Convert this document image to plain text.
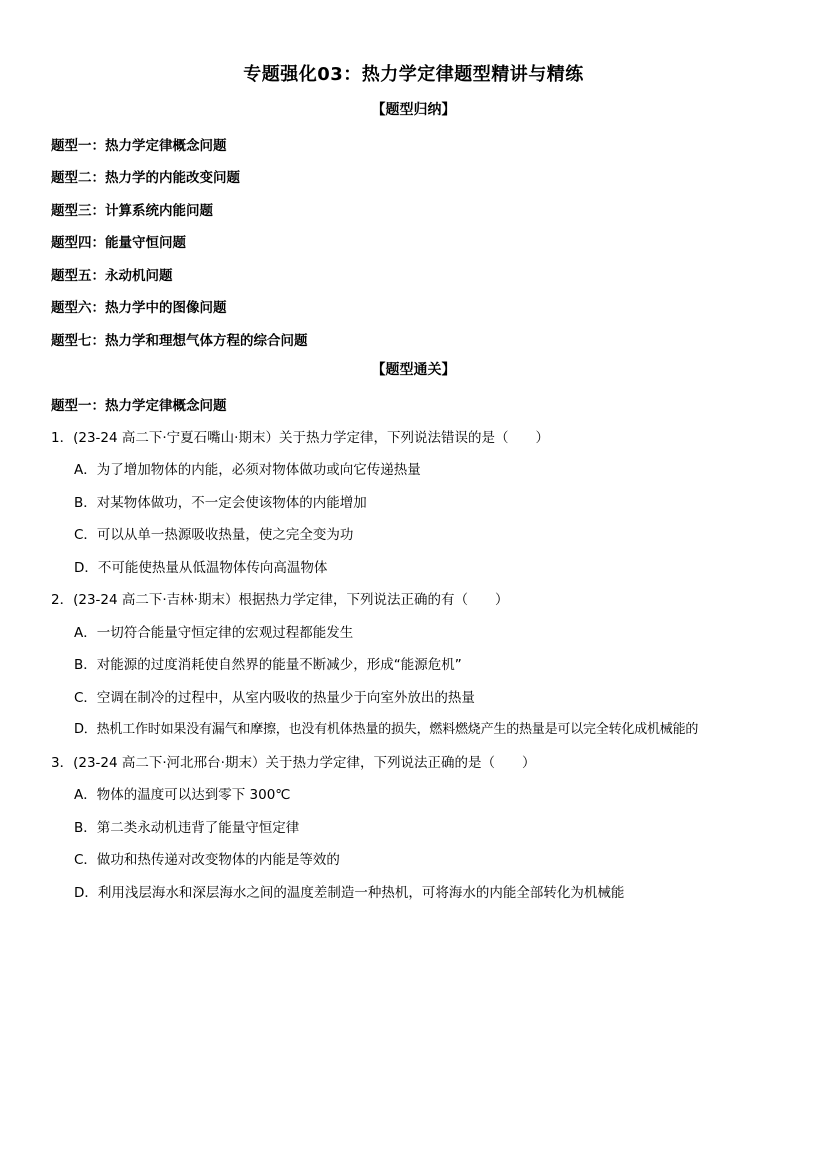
专题强化03：热力学定律题型精讲与精练
【题型归纳】
题型一：热力学定律概念问题
题型二：热力学的内能改变问题
题型三：计算系统内能问题
题型四：能量守恒问题
题型五：永动机问题
题型六：热力学中的图像问题
题型七：热力学和理想气体方程的综合问题
【题型通关】
题型一：热力学定律概念问题
1．(23-24 高二下·宁夏石嘴山·期末）关于热力学定律，下列说法错误的是（　　）
A．为了增加物体的内能，必须对物体做功或向它传递热量
B．对某物体做功，不一定会使该物体的内能增加
C．可以从单一热源吸收热量，使之完全变为功
D．不可能使热量从低温物体传向高温物体
2．(23-24 高二下·吉林·期末）根据热力学定律，下列说法正确的有（　　）
A．一切符合能量守恒定律的宏观过程都能发生
B．对能源的过度消耗使自然界的能量不断减少，形成“能源危机”
C．空调在制冷的过程中，从室内吸收的热量少于向室外放出的热量
D．热机工作时如果没有漏气和摩擦，也没有机体热量的损失，燃料燃烧产生的热量是可以完全转化成机械能的
3．(23-24 高二下·河北邢台·期末）关于热力学定律，下列说法正确的是（　　）
A．物体的温度可以达到零下 300℃
B．第二类永动机违背了能量守恒定律
C．做功和热传递对改变物体的内能是等效的
D．利用浅层海水和深层海水之间的温度差制造一种热机，可将海水的内能全部转化为机械能
